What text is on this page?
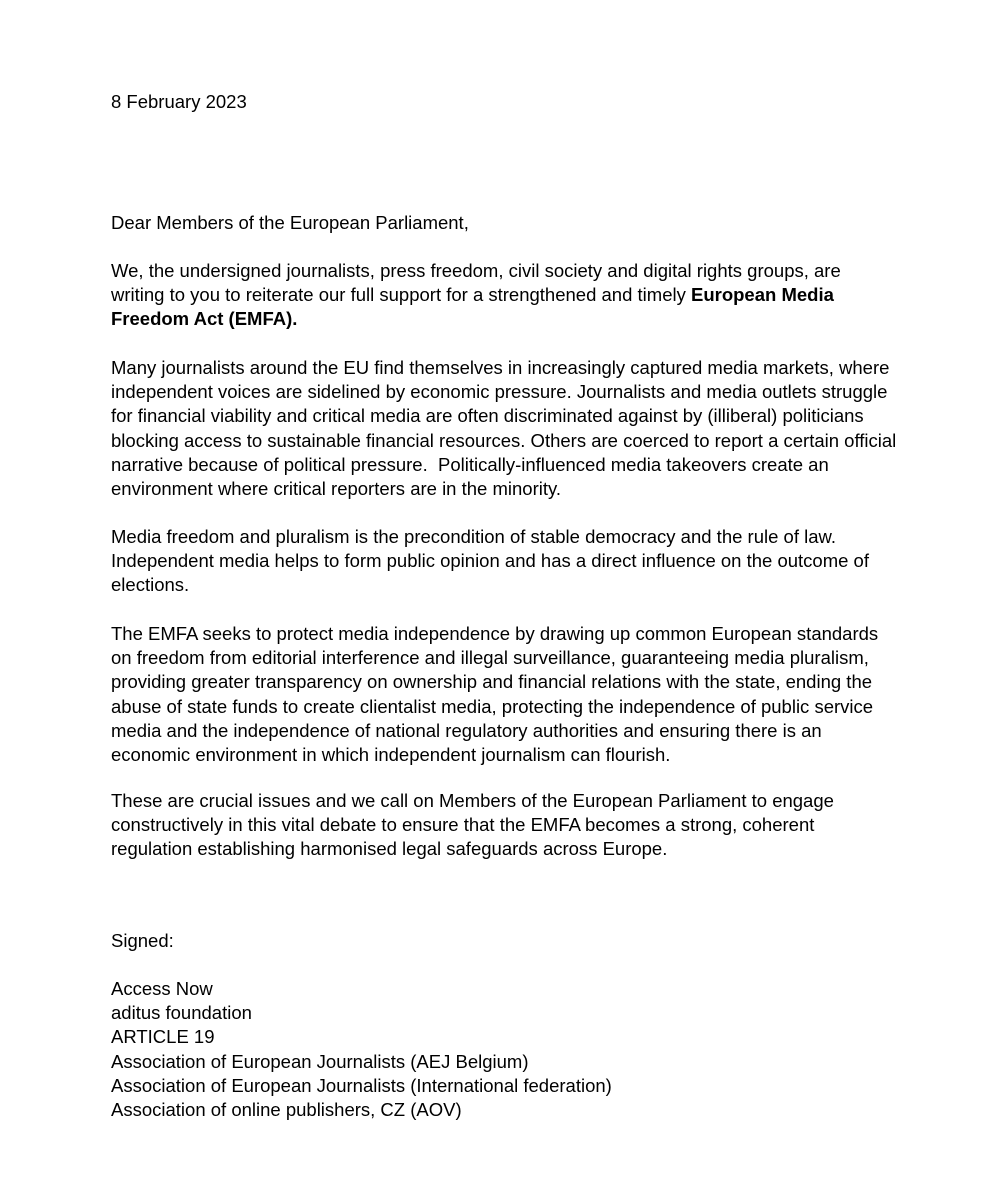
8 February 2023

Dear Members of the European Parliament,

We, the undersigned journalists, press freedom, civil society and digital rights groups, are
writing to you to reiterate our full support for a strengthened and timely European Media
Freedom Act (EMFA).

Many journalists around the EU find themselves in increasingly captured media markets, where
independent voices are sidelined by economic pressure. Journalists and media outlets struggle
for financial viability and critical media are often discriminated against by (illiberal) politicians
blocking access to sustainable financial resources. Others are coerced to report a certain official
narrative because of political pressure.  Politically-influenced media takeovers create an
environment where critical reporters are in the minority.

Media freedom and pluralism is the precondition of stable democracy and the rule of law.
Independent media helps to form public opinion and has a direct influence on the outcome of
elections.

The EMFA seeks to protect media independence by drawing up common European standards
on freedom from editorial interference and illegal surveillance, guaranteeing media pluralism,
providing greater transparency on ownership and financial relations with the state, ending the
abuse of state funds to create clientalist media, protecting the independence of public service
media and the independence of national regulatory authorities and ensuring there is an
economic environment in which independent journalism can flourish.

These are crucial issues and we call on Members of the European Parliament to engage
constructively in this vital debate to ensure that the EMFA becomes a strong, coherent
regulation establishing harmonised legal safeguards across Europe.

Signed:

Access Now
aditus foundation
ARTICLE 19
Association of European Journalists (AEJ Belgium)
Association of European Journalists (International federation)
Association of online publishers, CZ (AOV)
